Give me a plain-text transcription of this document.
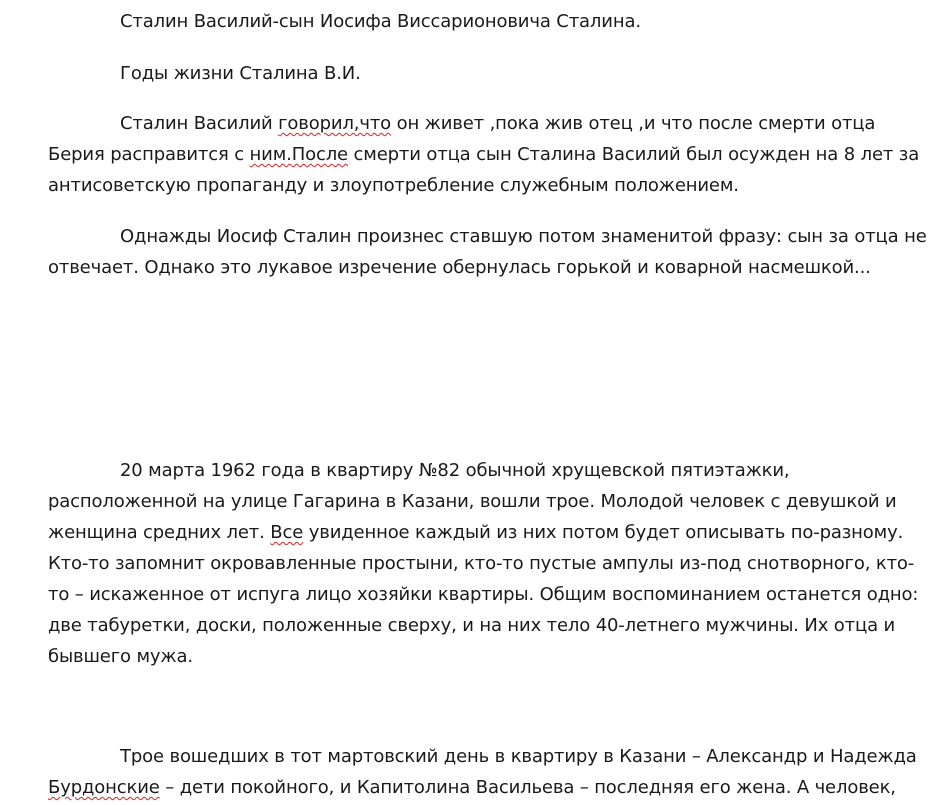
Сталин Василий-сын Иосифа Виссарионовича Сталина.
Годы жизни Сталина В.И.
Сталин Василий говорил,что он живет ,пока жив отец ,и что после смерти отца
Берия расправится с ним.После смерти отца сын Сталина Василий был осужден на 8 лет за
антисоветскую пропаганду и злоупотребление служебным положением.
Однажды Иосиф Сталин произнес ставшую потом знаменитой фразу: сын за отца не
отвечает. Однако это лукавое изречение обернулась горькой и коварной насмешкой...
20 марта 1962 года в квартиру №82 обычной хрущевской пятиэтажки,
расположенной на улице Гагарина в Казани, вошли трое. Молодой человек с девушкой и
женщина средних лет. Все увиденное каждый из них потом будет описывать по-разному.
Кто-то запомнит окровавленные простыни, кто-то пустые ампулы из-под снотворного, кто-
то – искаженное от испуга лицо хозяйки квартиры. Общим воспоминанием останется одно:
две табуретки, доски, положенные сверху, и на них тело 40-летнего мужчины. Их отца и
бывшего мужа.
Трое вошедших в тот мартовский день в квартиру в Казани – Александр и Надежда
Бурдонские – дети покойного, и Капитолина Васильева – последняя его жена. А человек,
